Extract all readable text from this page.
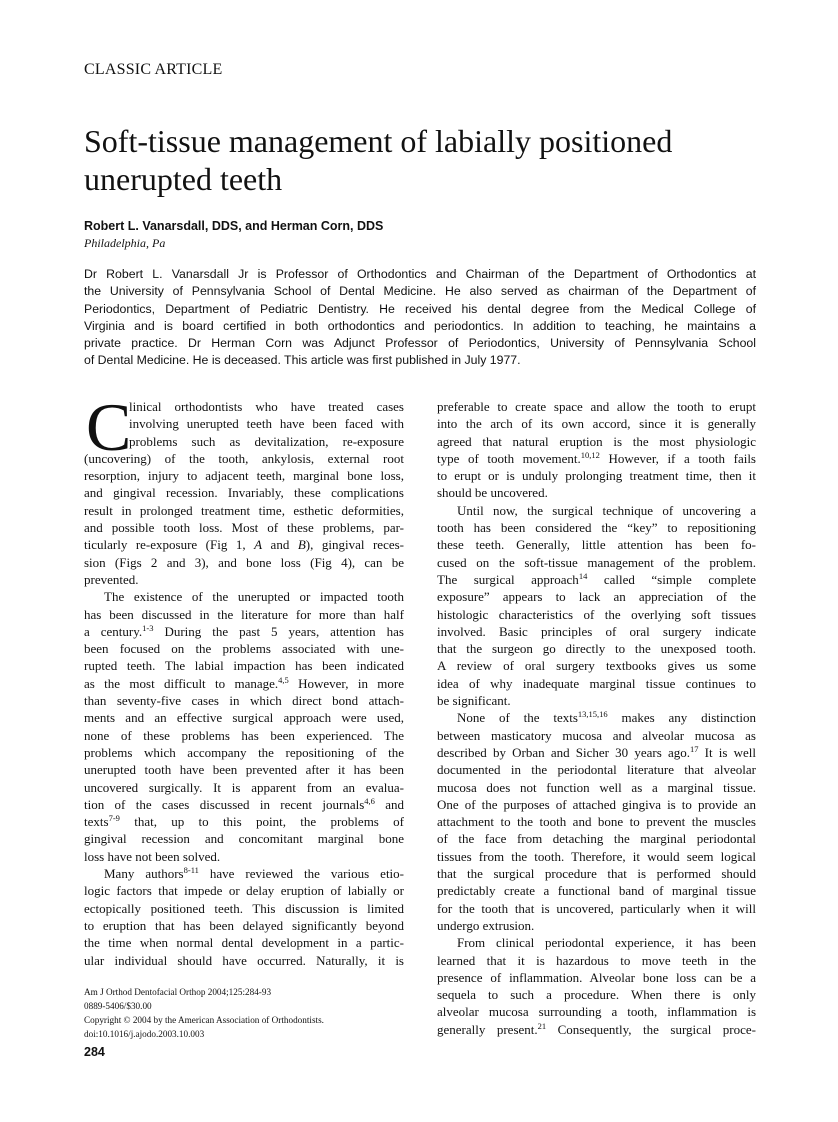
CLASSIC ARTICLE
Soft-tissue management of labially positioned
unerupted teeth
Robert L. Vanarsdall, DDS, and Herman Corn, DDS
Philadelphia, Pa
Dr Robert L. Vanarsdall Jr is Professor of Orthodontics and Chairman of the Department of Orthodontics at
the University of Pennsylvania School of Dental Medicine. He also served as chairman of the Department of
Periodontics, Department of Pediatric Dentistry. He received his dental degree from the Medical College of
Virginia and is board certified in both orthodontics and periodontics. In addition to teaching, he maintains a
private practice. Dr Herman Corn was Adjunct Professor of Periodontics, University of Pennsylvania School
of Dental Medicine. He is deceased. This article was first published in July 1977.
C
linical orthodontists who have treated cases
involving unerupted teeth have been faced with
problems such as devitalization, re-exposure
(uncovering) of the tooth, ankylosis, external root
resorption, injury to adjacent teeth, marginal bone loss,
and gingival recession. Invariably, these complications
result in prolonged treatment time, esthetic deformities,
and possible tooth loss. Most of these problems, par-
ticularly re-exposure (Fig 1, A and B), gingival reces-
sion (Figs 2 and 3), and bone loss (Fig 4), can be
prevented.
The existence of the unerupted or impacted tooth
has been discussed in the literature for more than half
a century.$^{1-3}$ During the past 5 years, attention has
been focused on the problems associated with une-
rupted teeth. The labial impaction has been indicated
as the most difficult to manage.$^{4,5}$ However, in more
than seventy-five cases in which direct bond attach-
ments and an effective surgical approach were used,
none of these problems has been experienced. The
problems which accompany the repositioning of the
unerupted tooth have been prevented after it has been
uncovered surgically. It is apparent from an evalua-
tion of the cases discussed in recent journals$^{4,6}$ and
texts$^{7-9}$ that, up to this point, the problems of
gingival recession and concomitant marginal bone
loss have not been solved.
Many authors$^{8-11}$ have reviewed the various etio-
logic factors that impede or delay eruption of labially or
ectopically positioned teeth. This discussion is limited
to eruption that has been delayed significantly beyond
the time when normal dental development in a partic-
ular individual should have occurred. Naturally, it is
preferable to create space and allow the tooth to erupt
into the arch of its own accord, since it is generally
agreed that natural eruption is the most physiologic
type of tooth movement.$^{10,12}$ However, if a tooth fails
to erupt or is unduly prolonging treatment time, then it
should be uncovered.
Until now, the surgical technique of uncovering a
tooth has been considered the “key” to repositioning
these teeth. Generally, little attention has been fo-
cused on the soft-tissue management of the problem.
The surgical approach$^{14}$ called “simple complete
exposure” appears to lack an appreciation of the
histologic characteristics of the overlying soft tissues
involved. Basic principles of oral surgery indicate
that the surgeon go directly to the unexposed tooth.
A review of oral surgery textbooks gives us some
idea of why inadequate marginal tissue continues to
be significant.
None of the texts$^{13,15,16}$ makes any distinction
between masticatory mucosa and alveolar mucosa as
described by Orban and Sicher 30 years ago.$^{17}$ It is well
documented in the periodontal literature that alveolar
mucosa does not function well as a marginal tissue.
One of the purposes of attached gingiva is to provide an
attachment to the tooth and bone to prevent the muscles
of the face from detaching the marginal periodontal
tissues from the tooth. Therefore, it would seem logical
that the surgical procedure that is performed should
predictably create a functional band of marginal tissue
for the tooth that is uncovered, particularly when it will
undergo extrusion.
From clinical periodontal experience, it has been
learned that it is hazardous to move teeth in the
presence of inflammation. Alveolar bone loss can be a
sequela to such a procedure. When there is only
alveolar mucosa surrounding a tooth, inflammation is
generally present.$^{21}$ Consequently, the surgical proce-
Am J Orthod Dentofacial Orthop 2004;125:284-93
0889-5406/$30.00
Copyright © 2004 by the American Association of Orthodontists.
doi:10.1016/j.ajodo.2003.10.003
284
